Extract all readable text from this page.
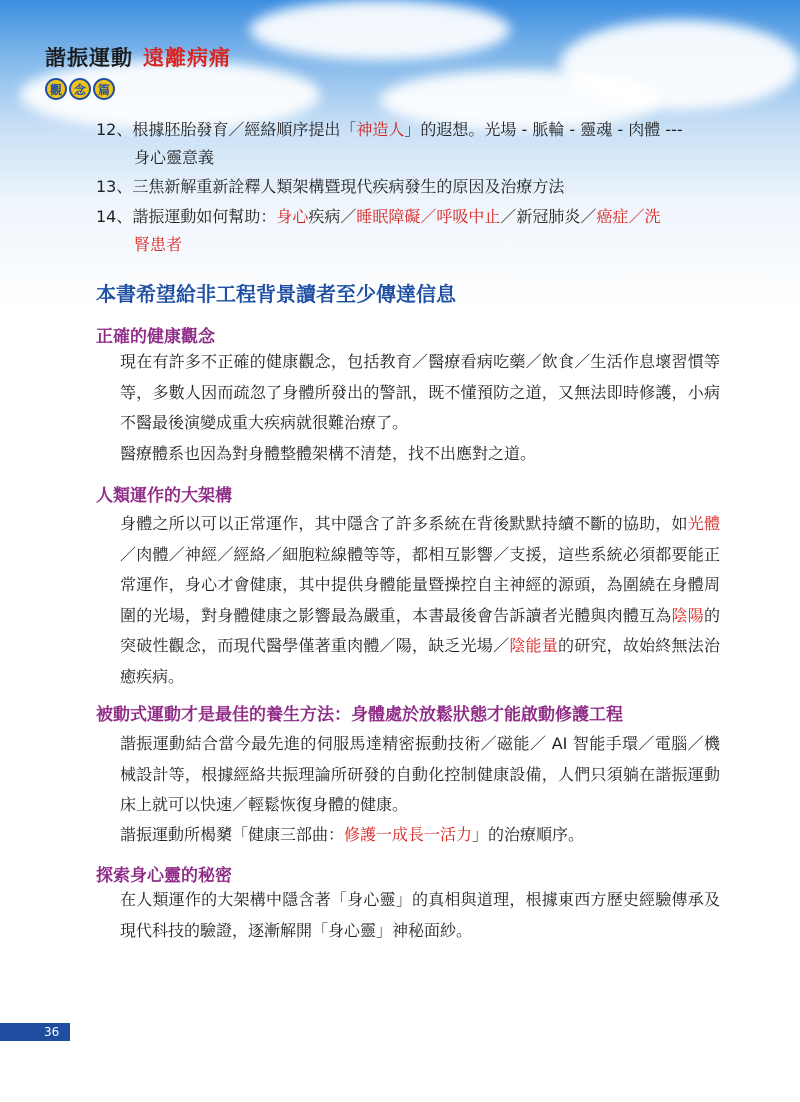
諧振運動 遠離病痛
觀 念 篇
12、根據胚胎發育／經絡順序提出「神造人」的遐想。光場 - 脈輪 - 靈魂 - 肉體 ---
身心靈意義
13、三焦新解重新詮釋人類架構暨現代疾病發生的原因及治療方法
14、諧振運動如何幫助：身心疾病／睡眠障礙／呼吸中止／新冠肺炎／癌症／洗
腎患者
本書希望給非工程背景讀者至少傳達信息
正確的健康觀念
現在有許多不正確的健康觀念，包括教育／醫療看病吃藥／飲食／生活作息壞習慣等等，多數人因而疏忽了身體所發出的警訊，既不懂預防之道，又無法即時修護，小病不醫最後演變成重大疾病就很難治療了。
醫療體系也因為對身體整體架構不清楚，找不出應對之道。
人類運作的大架構
身體之所以可以正常運作，其中隱含了許多系統在背後默默持續不斷的協助，如光體／肉體／神經／經絡／細胞粒線體等等，都相互影響／支援，這些系統必須都要能正常運作，身心才會健康，其中提供身體能量暨操控自主神經的源頭，為圍繞在身體周圍的光場，對身體健康之影響最為嚴重，本書最後會告訴讀者光體與肉體互為陰陽的突破性觀念，而現代醫學僅著重肉體／陽，缺乏光場／陰能量的研究，故始終無法治癒疾病。
被動式運動才是最佳的養生方法：身體處於放鬆狀態才能啟動修護工程
諧振運動結合當今最先進的伺服馬達精密振動技術／磁能／ AI 智能手環／電腦／機械設計等，根據經絡共振理論所研發的自動化控制健康設備，人們只須躺在諧振運動床上就可以快速／輕鬆恢復身體的健康。
諧振運動所楬櫫「健康三部曲：修護一成長一活力」的治療順序。
探索身心靈的秘密
在人類運作的大架構中隱含著「身心靈」的真相與道理，根據東西方歷史經驗傳承及現代科技的驗證，逐漸解開「身心靈」神秘面紗。
36
